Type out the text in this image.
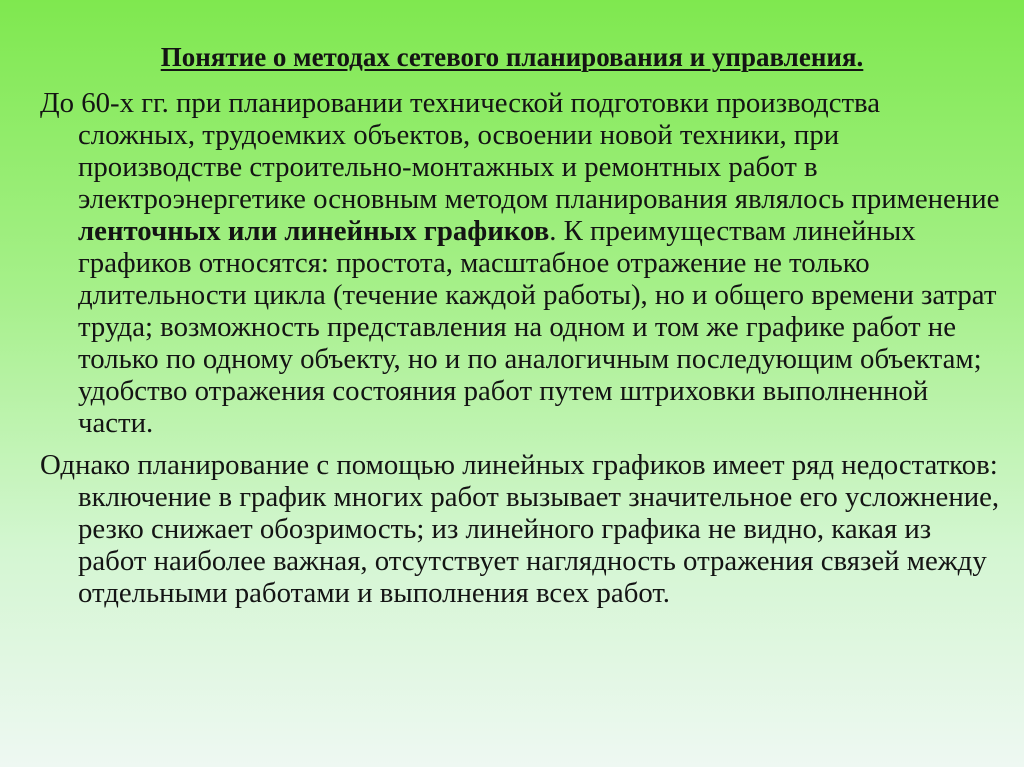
Понятие о методах сетевого планирования и управления.

До 60-х гг. при планировании технической подготовки производства сложных, трудоемких объектов, освоении новой техники, при производстве строительно-монтажных и ремонтных работ в электроэнергетике основным методом планирования являлось применение ленточных или линейных графиков. К преимуществам линейных графиков относятся: простота, масштабное отражение не только длительности цикла (течение каждой работы), но и общего времени затрат труда; возможность представления на одном и том же графике работ не только по одному объекту, но и по аналогичным последующим объектам; удобство отражения состояния работ путем штриховки выполненной части.

Однако планирование с помощью линейных графиков имеет ряд недостатков: включение в график многих работ вызывает значительное его усложнение, резко снижает обозримость; из линейного графика не видно, какая из работ наиболее важная, отсутствует наглядность отражения связей между отдельными работами и выполнения всех работ.
